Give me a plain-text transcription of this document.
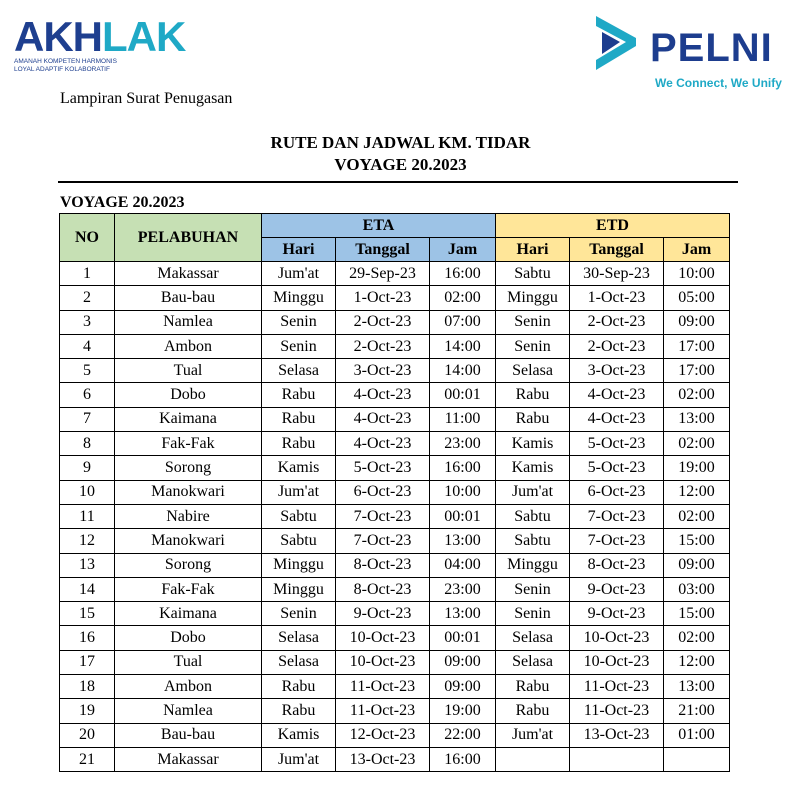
AKHLAK
AMANAH KOMPETEN HARMONIS
LOYAL ADAPTIF KOLABORATIF	PELNI
We Connect, We Unify
Lampiran Surat Penugasan
RUTE DAN JADWAL KM. TIDAR
VOYAGE 20.2023
VOYAGE 20.2023
NO	PELABUHAN	ETA			ETD		
		Hari	Tanggal	Jam	Hari	Tanggal	Jam
1	Makassar	Jum'at	29-Sep-23	16:00	Sabtu	30-Sep-23	10:00
2	Bau-bau	Minggu	1-Oct-23	02:00	Minggu	1-Oct-23	05:00
3	Namlea	Senin	2-Oct-23	07:00	Senin	2-Oct-23	09:00
4	Ambon	Senin	2-Oct-23	14:00	Senin	2-Oct-23	17:00
5	Tual	Selasa	3-Oct-23	14:00	Selasa	3-Oct-23	17:00
6	Dobo	Rabu	4-Oct-23	00:01	Rabu	4-Oct-23	02:00
7	Kaimana	Rabu	4-Oct-23	11:00	Rabu	4-Oct-23	13:00
8	Fak-Fak	Rabu	4-Oct-23	23:00	Kamis	5-Oct-23	02:00
9	Sorong	Kamis	5-Oct-23	16:00	Kamis	5-Oct-23	19:00
10	Manokwari	Jum'at	6-Oct-23	10:00	Jum'at	6-Oct-23	12:00
11	Nabire	Sabtu	7-Oct-23	00:01	Sabtu	7-Oct-23	02:00
12	Manokwari	Sabtu	7-Oct-23	13:00	Sabtu	7-Oct-23	15:00
13	Sorong	Minggu	8-Oct-23	04:00	Minggu	8-Oct-23	09:00
14	Fak-Fak	Minggu	8-Oct-23	23:00	Senin	9-Oct-23	03:00
15	Kaimana	Senin	9-Oct-23	13:00	Senin	9-Oct-23	15:00
16	Dobo	Selasa	10-Oct-23	00:01	Selasa	10-Oct-23	02:00
17	Tual	Selasa	10-Oct-23	09:00	Selasa	10-Oct-23	12:00
18	Ambon	Rabu	11-Oct-23	09:00	Rabu	11-Oct-23	13:00
19	Namlea	Rabu	11-Oct-23	19:00	Rabu	11-Oct-23	21:00
20	Bau-bau	Kamis	12-Oct-23	22:00	Jum'at	13-Oct-23	01:00
21	Makassar	Jum'at	13-Oct-23	16:00			
